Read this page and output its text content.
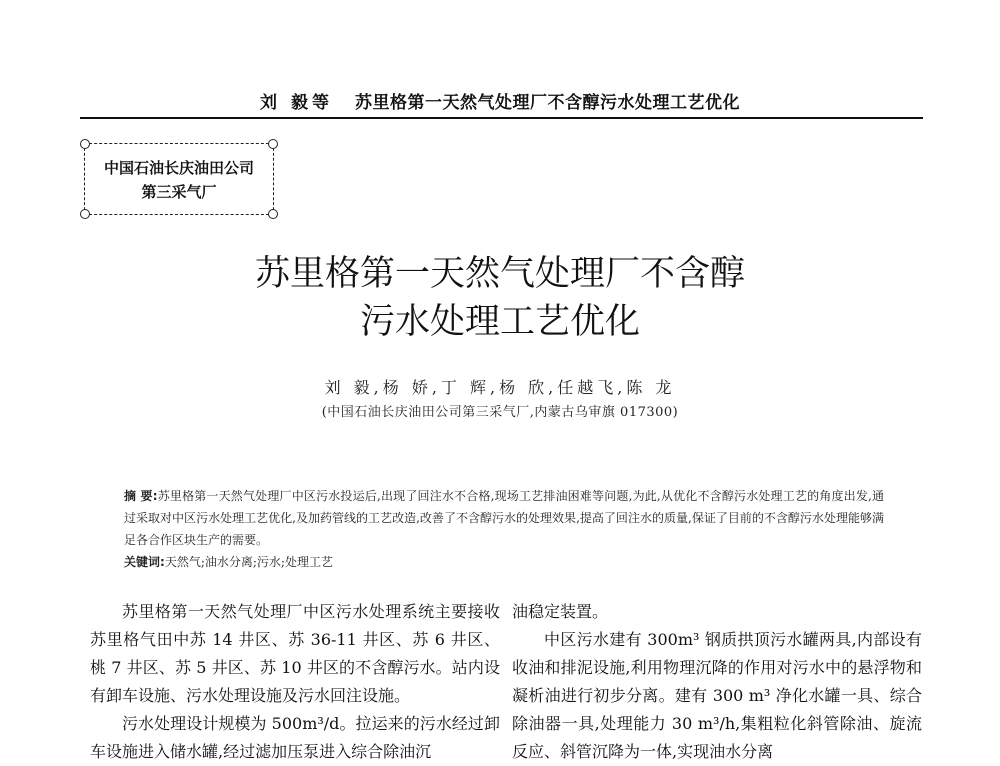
刘 毅等 苏里格第一天然气处理厂不含醇污水处理工艺优化
中国石油长庆油田公司
第三采气厂
苏里格第一天然气处理厂不含醇
污水处理工艺优化
刘 毅,杨 娇,丁 辉,杨 欣,任越飞,陈 龙
(中国石油长庆油田公司第三采气厂,内蒙古乌审旗 017300)
摘 要:苏里格第一天然气处理厂中区污水投运后,出现了回注水不合格,现场工艺排油困难等问题,为此,从优化不含醇污水处理工艺的角度出发,通过采取对中区污水处理工艺优化,及加药管线的工艺改造,改善了不含醇污水的处理效果,提高了回注水的质量,保证了目前的不含醇污水处理能够满足各合作区块生产的需要。
关键词:天然气;油水分离;污水;处理工艺

苏里格第一天然气处理厂中区污水处理系统主要接收苏里格气田中苏 14 井区、苏 36-11 井区、苏 6 井区、桃 7 井区、苏 5 井区、苏 10 井区的不含醇污水。站内设有卸车设施、污水处理设施及污水回注设施。

污水处理设计规模为 500m³/d。拉运来的污水经过卸车设施进入储水罐,经过滤加压泵进入综合除油沉

油稳定装置。

中区污水建有 300m³ 钢质拱顶污水罐两具,内部设有收油和排泥设施,利用物理沉降的作用对污水中的悬浮物和凝析油进行初步分离。建有 300 m³ 净化水罐一具、综合除油器一具,处理能力 30 m³/h,集粗粒化斜管除油、旋流反应、斜管沉降为一体,实现油水分离
